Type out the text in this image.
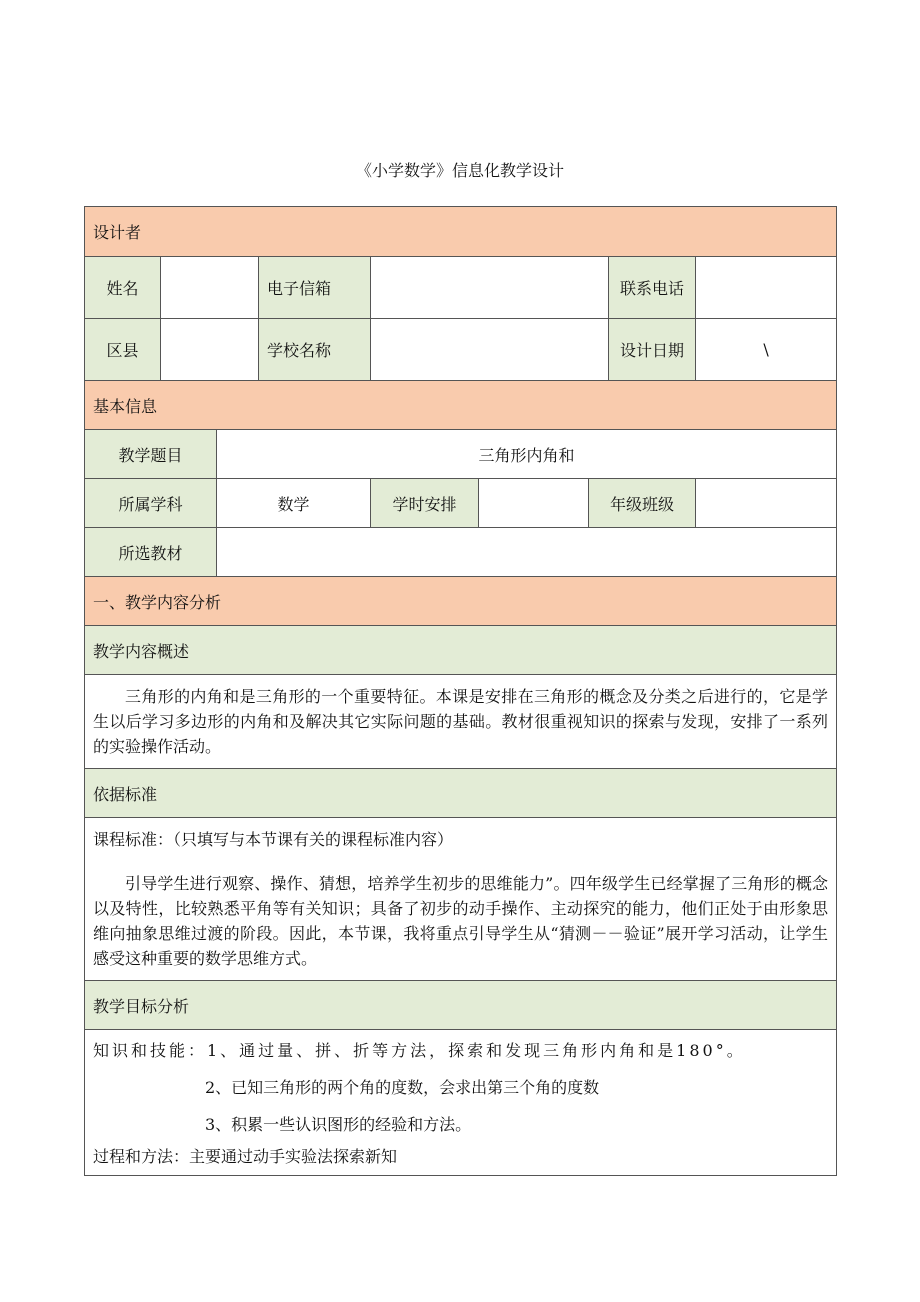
《小学数学》信息化教学设计
设计者								
姓名			电子信箱				联系电话	
区县			学校名称				设计日期	\
基本信息								
教学题目		三角形内角和						
所属学科		数学		学时安排		年级班级		
所选教材								
一、教学内容分析								
教学内容概述								

三角形的内角和是三角形的一个重要特征。本课是安排在三角形的概念及分类之后进行的，它是学生以后学习多边形的内角和及解决其它实际问题的基础。教材很重视知识的探索与发现，安排了一系列的实验操作活动。								

依据标准								

课程标准：（只填写与本节课有关的课程标准内容）

引导学生进行观察、操作、猜想，培养学生初步的思维能力”。四年级学生已经掌握了三角形的概念以及特性，比较熟悉平角等有关知识；具备了初步的动手操作、主动探究的能力，他们正处于由形象思维向抽象思维过渡的阶段。因此，本节课，我将重点引导学生从“猜测－－验证”展开学习活动，让学生感受这种重要的数学思维方式。								

教学目标分析								

知识和技能：1、通过量、拼、折等方法，探索和发现三角形内角和是180°。

2、已知三角形的两个角的度数，会求出第三个角的度数

3、积累一些认识图形的经验和方法。

过程和方法：主要通过动手实验法探索新知								
